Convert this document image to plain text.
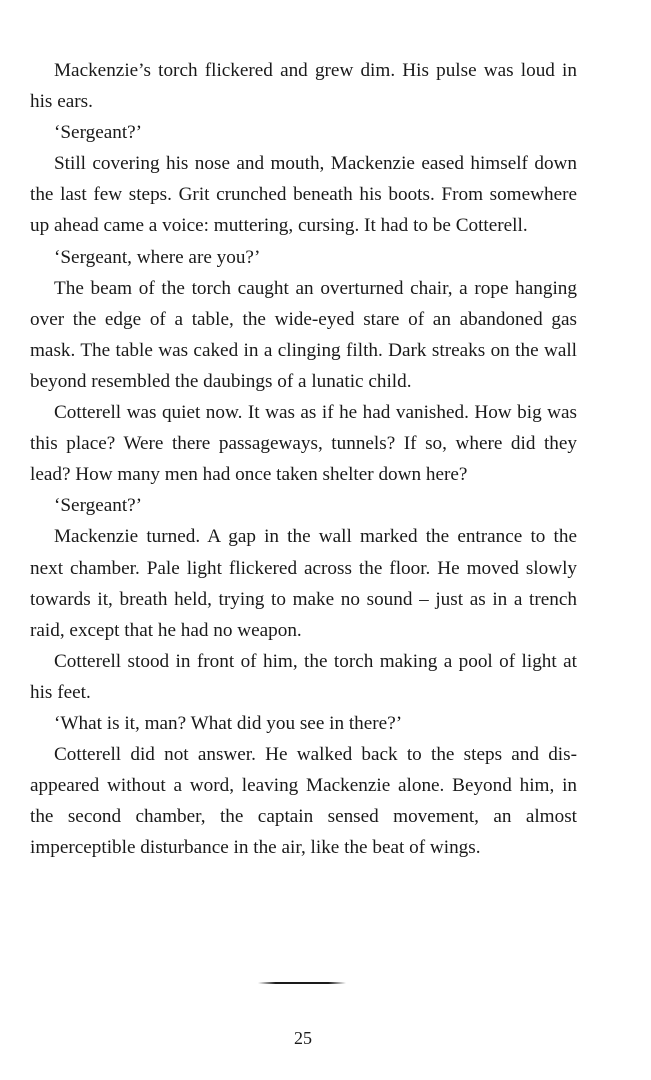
Mackenzie’s torch flickered and grew dim. His pulse was loud in his ears.

‘Sergeant?’

Still covering his nose and mouth, Mackenzie eased himself down the last few steps. Grit crunched beneath his boots. From somewhere up ahead came a voice: muttering, cursing. It had to be Cotterell.

‘Sergeant, where are you?’

The beam of the torch caught an overturned chair, a rope hanging over the edge of a table, the wide-eyed stare of an abandoned gas mask. The table was caked in a clinging filth. Dark streaks on the wall beyond resembled the daubings of a lunatic child.

Cotterell was quiet now. It was as if he had vanished. How big was this place? Were there passageways, tunnels? If so, where did they lead? How many men had once taken shelter down here?

‘Sergeant?’

Mackenzie turned. A gap in the wall marked the entrance to the next chamber. Pale light flickered across the floor. He moved slowly towards it, breath held, trying to make no sound – just as in a trench raid, except that he had no weapon.

Cotterell stood in front of him, the torch making a pool of light at his feet.

‘What is it, man? What did you see in there?’

Cotterell did not answer. He walked back to the steps and disappeared without a word, leaving Mackenzie alone. Beyond him, in the second chamber, the captain sensed movement, an almost imperceptible disturbance in the air, like the beat of wings.

25
